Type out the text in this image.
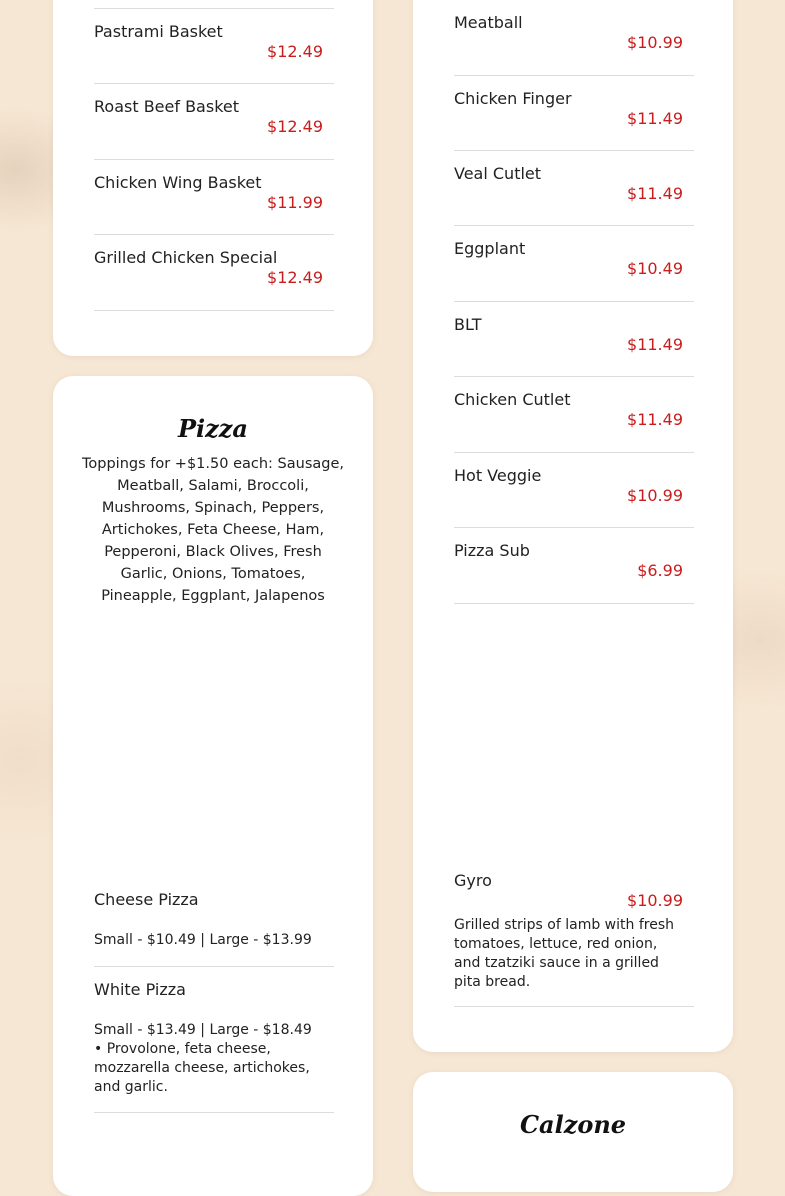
Pastrami Basket
$12.49
Roast Beef Basket
$12.49
Chicken Wing Basket
$11.99
Grilled Chicken Special
$12.49
Pizza
Toppings for +$1.50 each: Sausage, Meatball, Salami, Broccoli, Mushrooms, Spinach, Peppers, Artichokes, Feta Cheese, Ham, Pepperoni, Black Olives, Fresh Garlic, Onions, Tomatoes, Pineapple, Eggplant, Jalapenos
Cheese Pizza
Small - $10.49 | Large - $13.99
White Pizza
Small - $13.49 | Large - $18.49 • Provolone, feta cheese, mozzarella cheese, artichokes, and garlic.
Meatball
$10.99
Chicken Finger
$11.49
Veal Cutlet
$11.49
Eggplant
$10.49
BLT
$11.49
Chicken Cutlet
$11.49
Hot Veggie
$10.99
Pizza Sub
$6.99
Gyro
$10.99
Grilled strips of lamb with fresh tomatoes, lettuce, red onion, and tzatziki sauce in a grilled pita bread.
Calzone
